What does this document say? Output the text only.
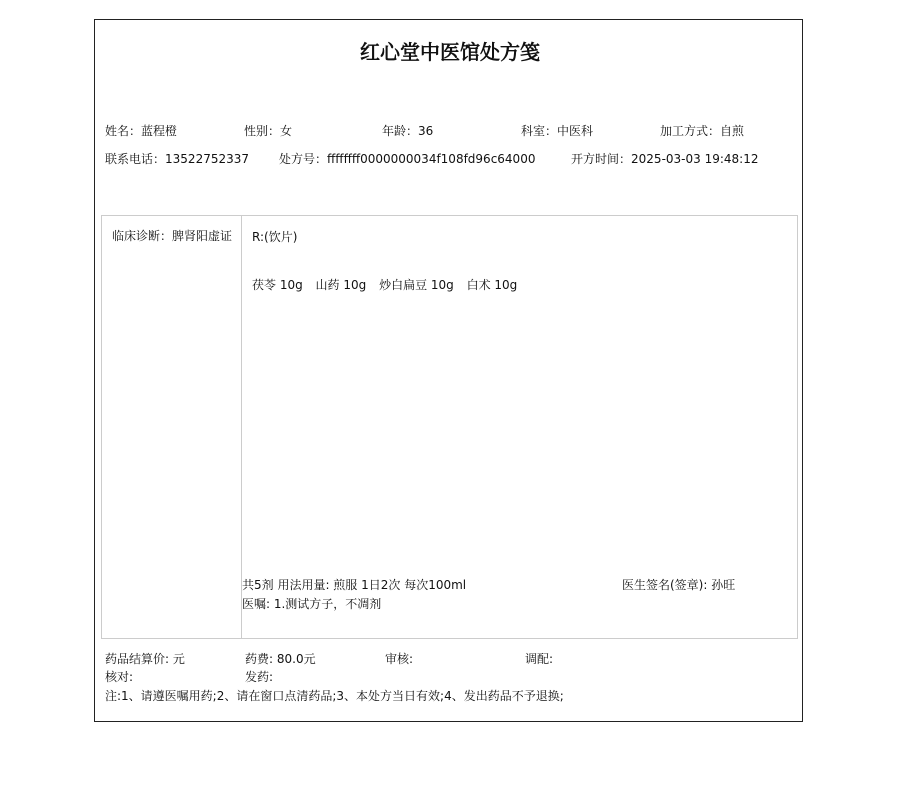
红心堂中医馆处方笺
姓名 ： 蓝程橙	性别 ： 女	年龄 ： 36	科室 ： 中医科	加工方式 ： 自煎
联系电话 ： 13522752337 处方号 ： ffffffff0000000034f108fd96c64000	开方时间 ： 2025-03-03 19:48:12
临床诊断 ： 脾肾阳虚证	R:(饮片)
茯苓 10g 山药 10g 炒白扁豆 10g 白术 10g
共5剂 用法用量: 煎服 1日2次 每次100ml	医生签名(签章): 孙旺
医嘱: 1.测试方子，不凋剂
药品结算价: 元	药费: 80.0元	审核:	调配:
核对:	发药:
注:1、请遵医嘱用药;2、请在窗口点清药品;3、本处方当日有效;4、发出药品不予退换;
